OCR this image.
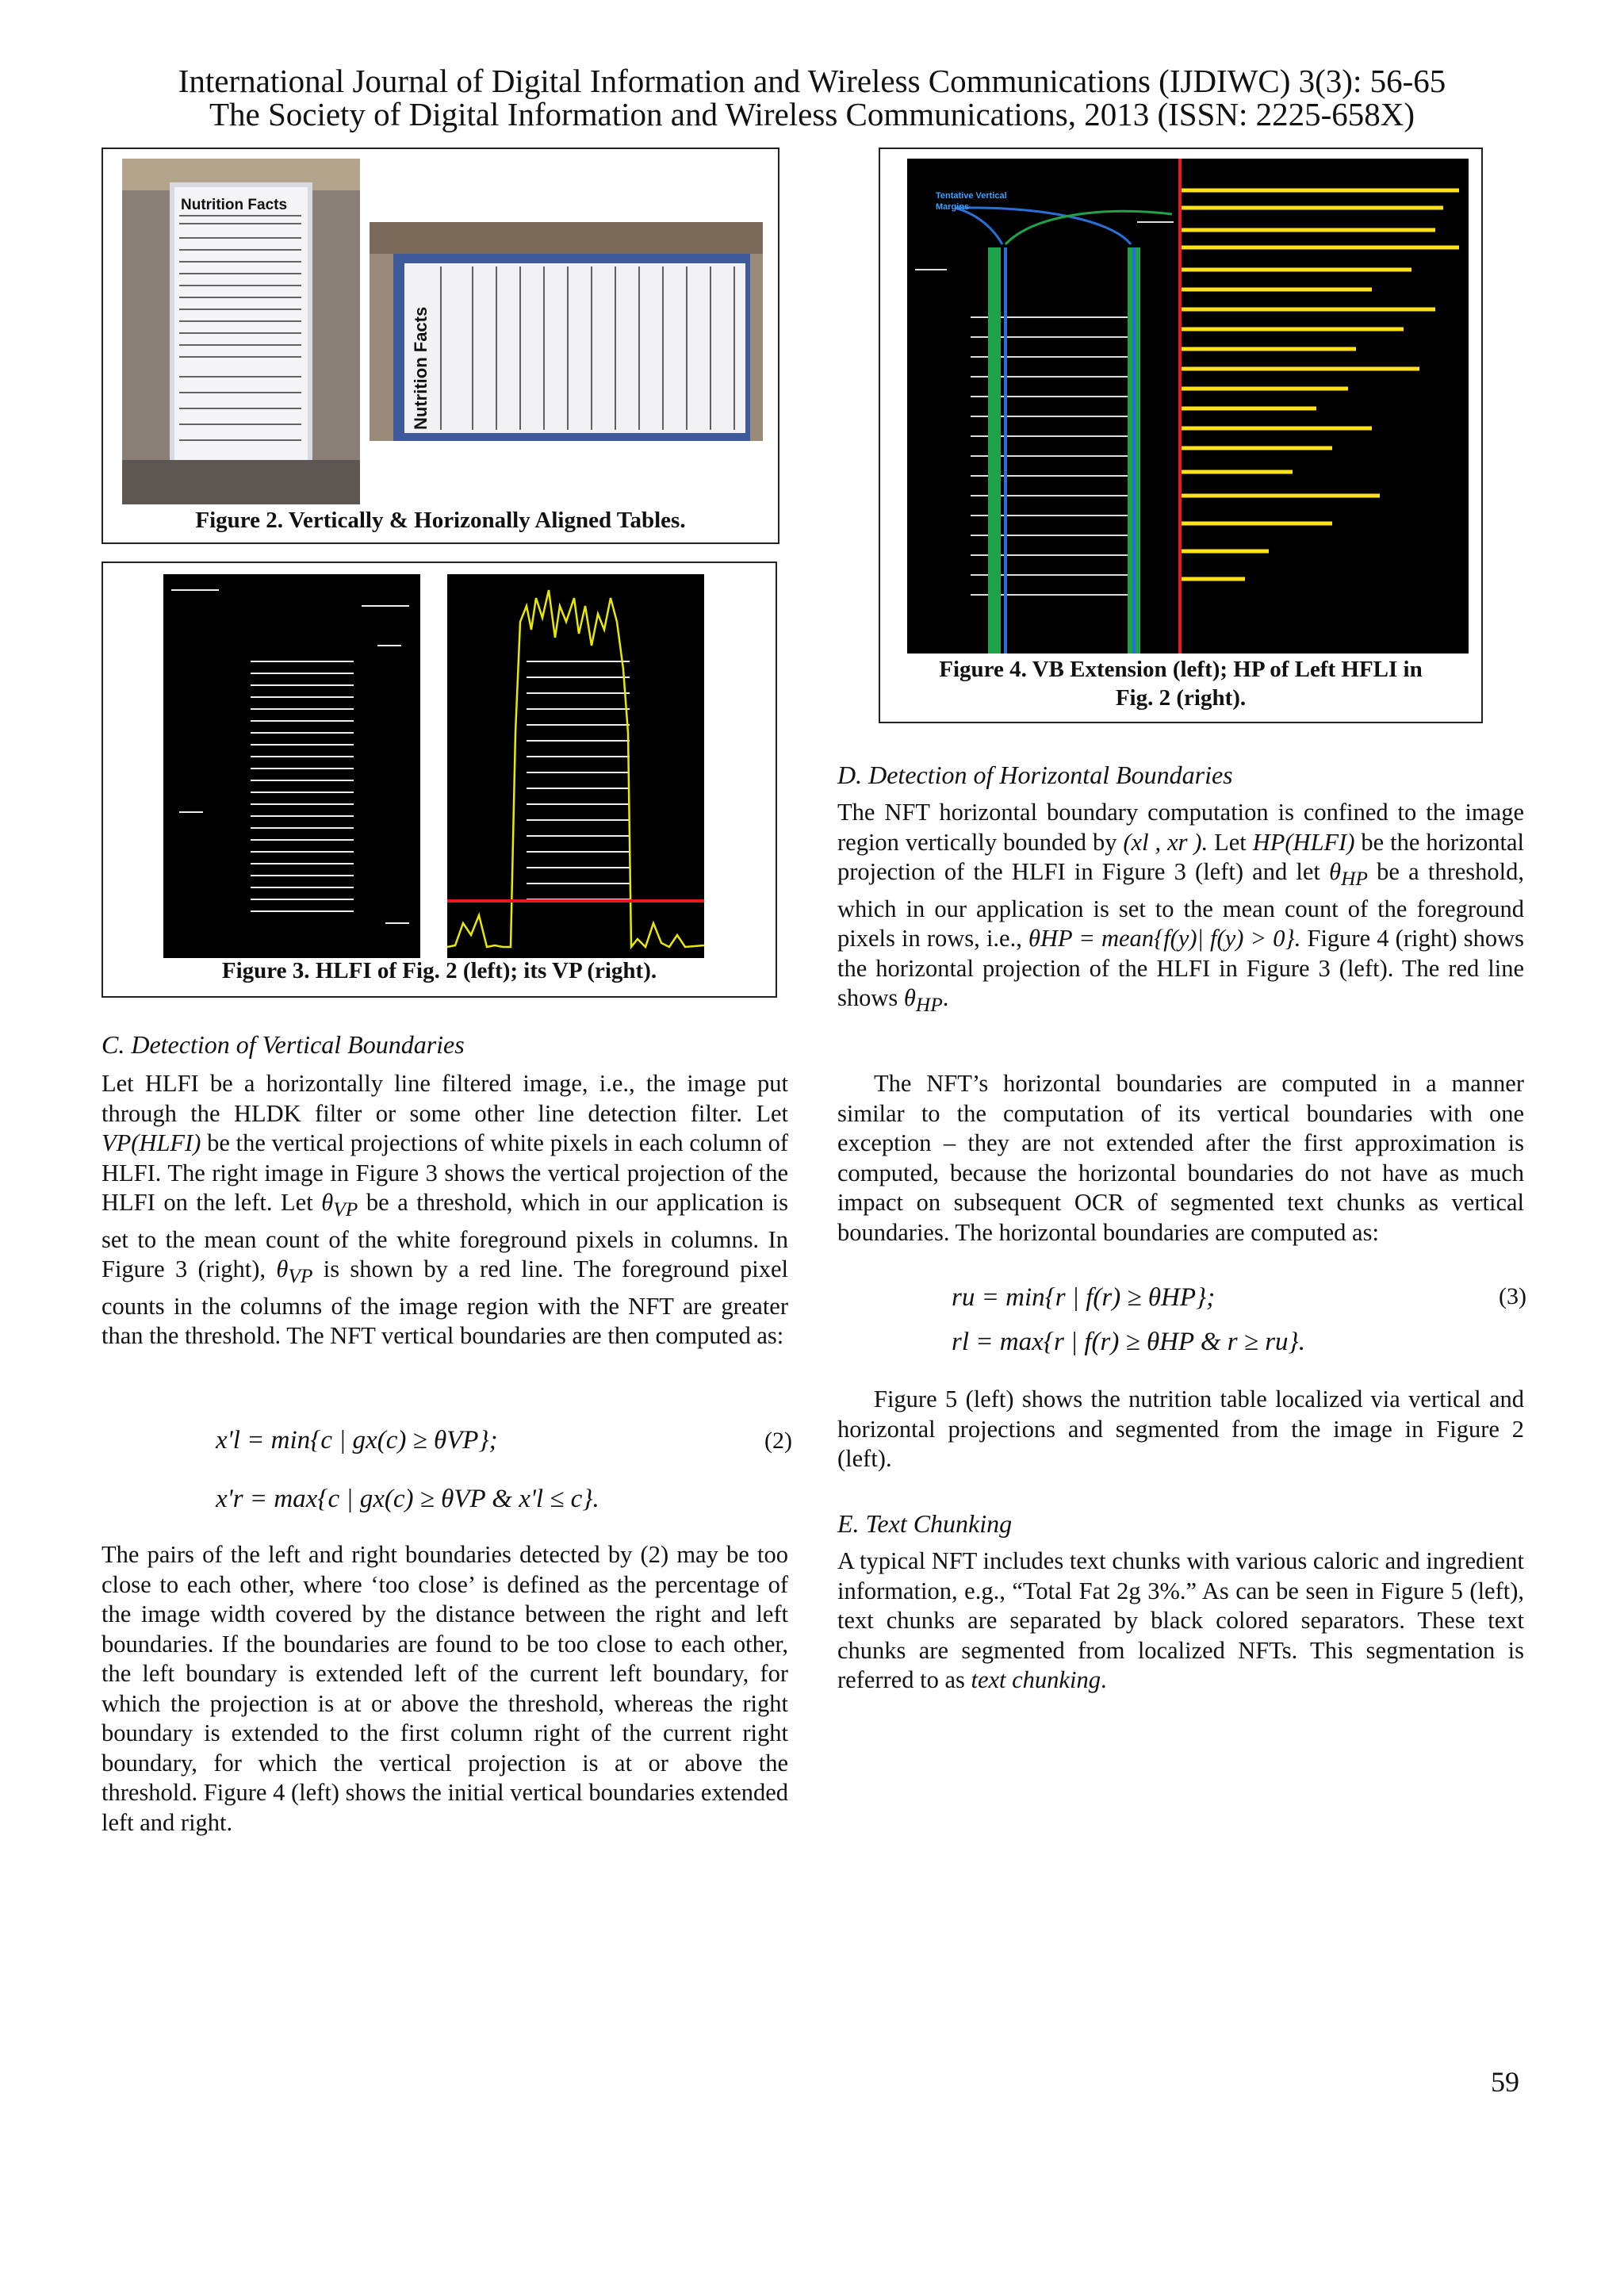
International Journal of Digital Information and Wireless Communications (IJDIWC) 3(3): 56-65
The Society of Digital Information and Wireless Communications, 2013 (ISSN: 2225-658X)
Nutrition Facts
Nutrition Facts
Figure 2. Vertically & Horizonally Aligned Tables.
Figure 3. HLFI of Fig. 2 (left); its VP (right).
Tentative Vertical
Margins
Figure 4. VB Extension (left); HP of Left HFLI in
Fig. 2 (right).
C. Detection of Vertical Boundaries

Let HLFI be a horizontally line filtered image, i.e., the image put through the HLDK filter or some other line detection filter. Let VP(HLFI) be the vertical projections of white pixels in each column of HLFI. The right image in Figure 3 shows the vertical projection of the HLFI on the left. Let $\theta_{VP}$ be a threshold, which in our application is set to the mean count of the white foreground pixels in columns. In Figure 3 (right), $\theta_{VP}$ is shown by a red line. The foreground pixel counts in the columns of the image region with the NFT are greater than the threshold. The NFT vertical boundaries are then computed as:

x'l = min{c | gx(c) ≥ θVP};	(2)
x'r = max{c | gx(c) ≥ θVP & x'l ≤ c}.

The pairs of the left and right boundaries detected by (2) may be too close to each other, where ‘too close’ is defined as the percentage of the image width covered by the distance between the right and left boundaries. If the boundaries are found to be too close to each other, the left boundary is extended left of the current left boundary, for which the projection is at or above the threshold, whereas the right boundary is extended to the first column right of the current right boundary, for which the vertical projection is at or above the threshold. Figure 4 (left) shows the initial vertical boundaries extended left and right.

D. Detection of Horizontal Boundaries

The NFT horizontal boundary computation is confined to the image region vertically bounded by (xl , xr ). Let HP(HLFI) be the horizontal projection of the HLFI in Figure 3 (left) and let $\theta_{HP}$ be a threshold, which in our application is set to the mean count of the foreground pixels in rows, i.e., θHP = mean{f(y)| f(y) > 0}. Figure 4 (right) shows the horizontal projection of the HLFI in Figure 3 (left). The red line shows $\theta_{HP}$.

The NFT’s horizontal boundaries are computed in a manner similar to the computation of its vertical boundaries with one exception – they are not extended after the first approximation is computed, because the horizontal boundaries do not have as much impact on subsequent OCR of segmented text chunks as vertical boundaries. The horizontal boundaries are computed as:

ru = min{r | f(r) ≥ θHP};	(3)
rl = max{r | f(r) ≥ θHP & r ≥ ru}.

Figure 5 (left) shows the nutrition table localized via vertical and horizontal projections and segmented from the image in Figure 2 (left).

E. Text Chunking

A typical NFT includes text chunks with various caloric and ingredient information, e.g., “Total Fat 2g 3%.” As can be seen in Figure 5 (left), text chunks are separated by black colored separators. These text chunks are segmented from localized NFTs. This segmentation is referred to as text chunking.

59
